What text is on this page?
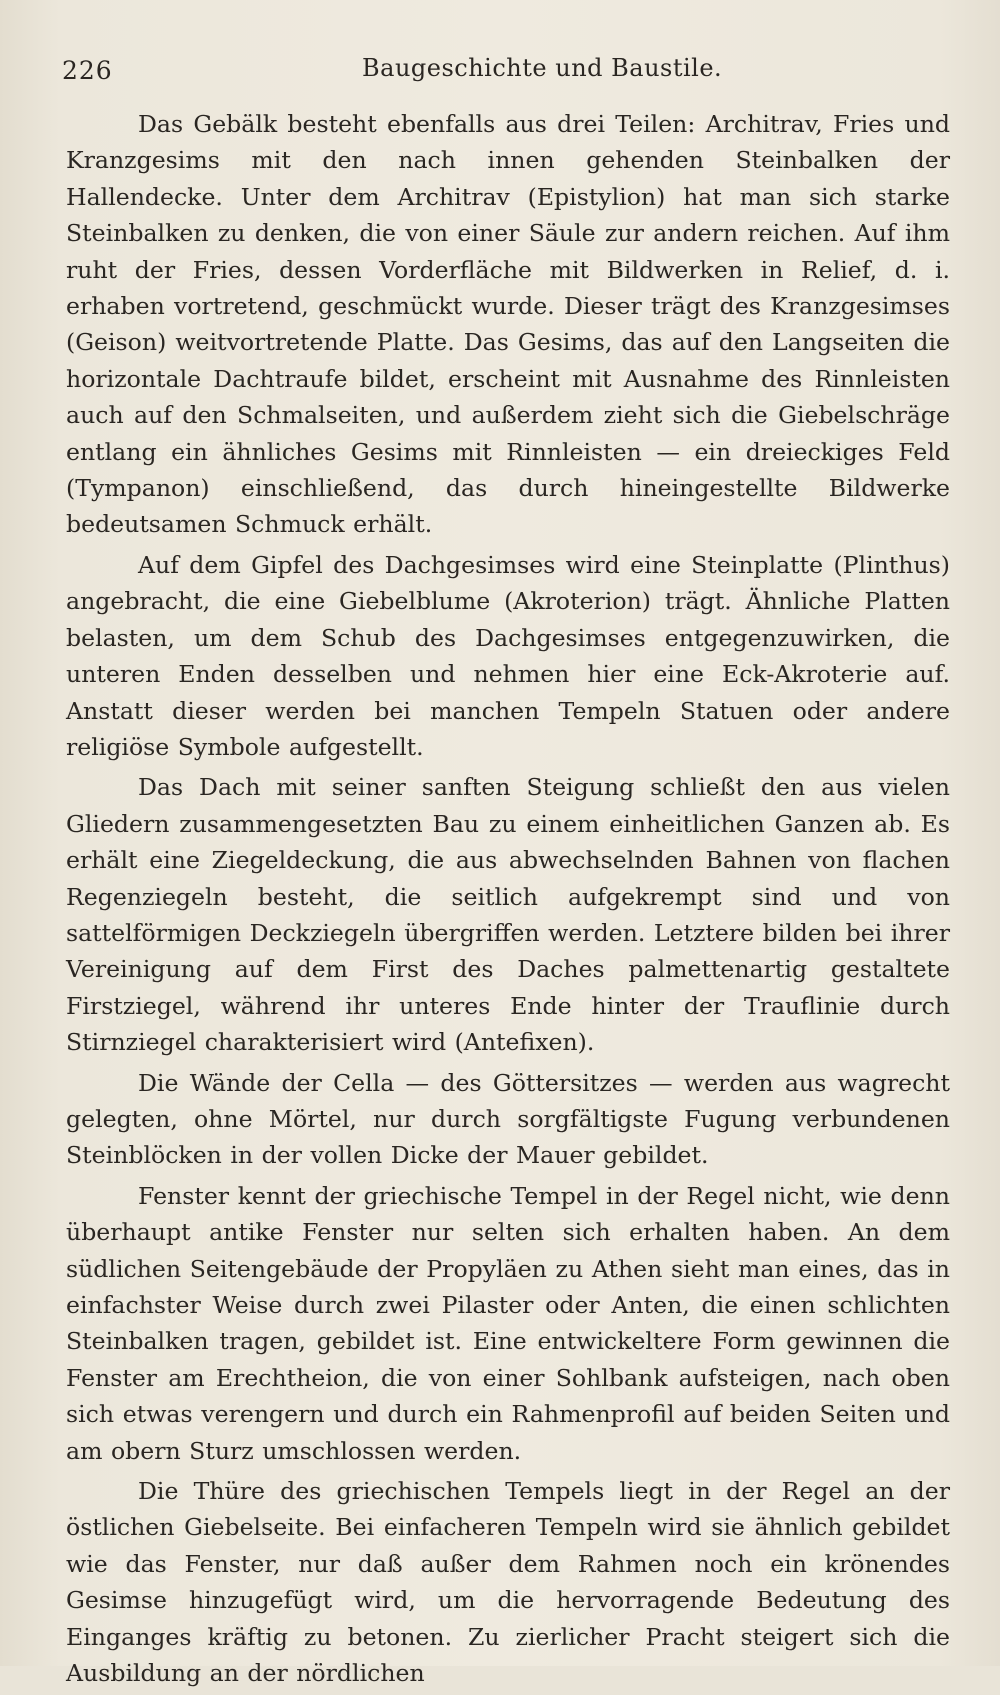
226	Baugeschichte und Baustile.

Das Gebälk besteht ebenfalls aus drei Teilen: Architrav, Fries und Kranzgesims mit den nach innen gehenden Steinbalken der Hallendecke. Unter dem Architrav (Epistylion) hat man sich starke Steinbalken zu denken, die von einer Säule zur andern reichen. Auf ihm ruht der Fries, dessen Vorderfläche mit Bildwerken in Relief, d. i. erhaben vortretend, geschmückt wurde. Dieser trägt des Kranzgesimses (Geison) weitvortretende Platte. Das Gesims, das auf den Langseiten die horizontale Dachtraufe bildet, erscheint mit Ausnahme des Rinnleisten auch auf den Schmalseiten, und außerdem zieht sich die Giebelschräge entlang ein ähnliches Gesims mit Rinnleisten — ein dreieckiges Feld (Tympanon) einschließend, das durch hineingestellte Bildwerke bedeutsamen Schmuck erhält.

Auf dem Gipfel des Dachgesimses wird eine Steinplatte (Plinthus) angebracht, die eine Giebelblume (Akroterion) trägt. Ähnliche Platten belasten, um dem Schub des Dachgesimses entgegenzuwirken, die unteren Enden desselben und nehmen hier eine Eck-Akroterie auf. Anstatt dieser werden bei manchen Tempeln Statuen oder andere religiöse Symbole aufgestellt.

Das Dach mit seiner sanften Steigung schließt den aus vielen Gliedern zusammengesetzten Bau zu einem einheitlichen Ganzen ab. Es erhält eine Ziegeldeckung, die aus abwechselnden Bahnen von flachen Regenziegeln besteht, die seitlich aufgekrempt sind und von sattelförmigen Deckziegeln übergriffen werden. Letztere bilden bei ihrer Vereinigung auf dem First des Daches palmettenartig gestaltete Firstziegel, während ihr unteres Ende hinter der Trauflinie durch Stirnziegel charakterisiert wird (Antefixen).

Die Wände der Cella — des Göttersitzes — werden aus wagrecht gelegten, ohne Mörtel, nur durch sorgfältigste Fugung verbundenen Steinblöcken in der vollen Dicke der Mauer gebildet.

Fenster kennt der griechische Tempel in der Regel nicht, wie denn überhaupt antike Fenster nur selten sich erhalten haben. An dem südlichen Seitengebäude der Propyläen zu Athen sieht man eines, das in einfachster Weise durch zwei Pilaster oder Anten, die einen schlichten Steinbalken tragen, gebildet ist. Eine entwickeltere Form gewinnen die Fenster am Erechtheion, die von einer Sohlbank aufsteigen, nach oben sich etwas verengern und durch ein Rahmenprofil auf beiden Seiten und am obern Sturz umschlossen werden.

Die Thüre des griechischen Tempels liegt in der Regel an der östlichen Giebelseite. Bei einfacheren Tempeln wird sie ähnlich gebildet wie das Fenster, nur daß außer dem Rahmen noch ein krönendes Gesimse hinzugefügt wird, um die hervorragende Bedeutung des Einganges kräftig zu betonen. Zu zierlicher Pracht steigert sich die Ausbildung an der nördlichen
